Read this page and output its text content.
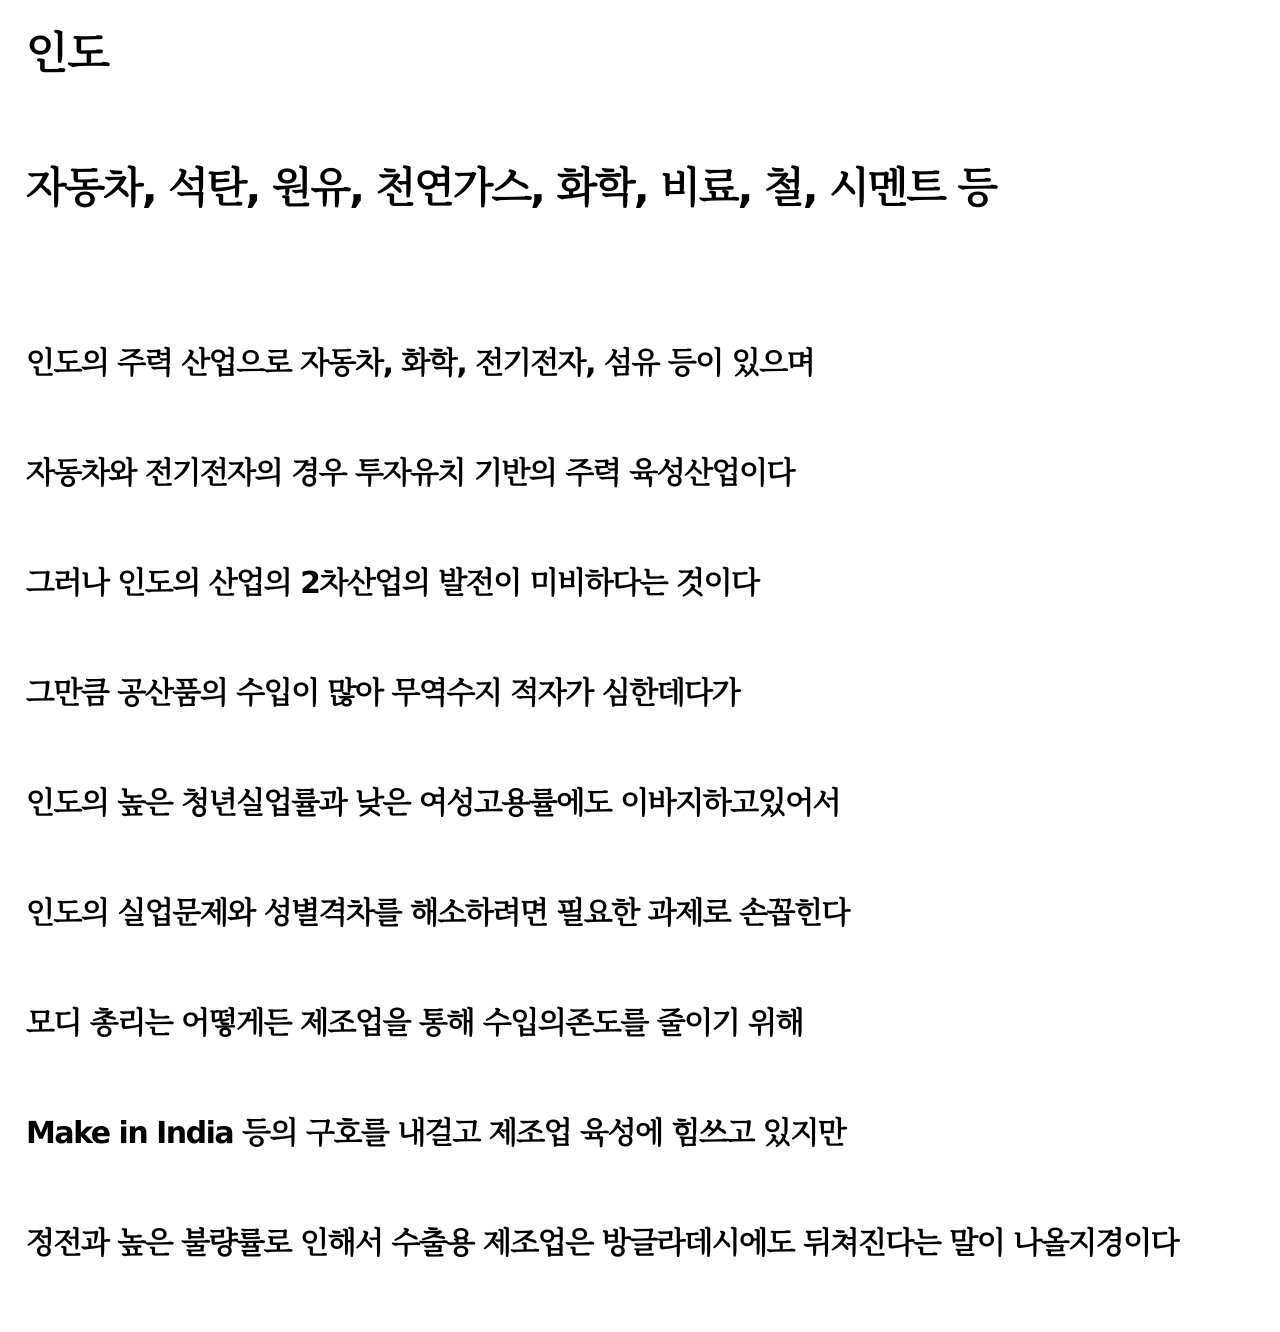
인도
자동차, 석탄, 원유, 천연가스, 화학, 비료, 철, 시멘트 등
인도의 주력 산업으로 자동차, 화학, 전기전자, 섬유 등이 있으며
자동차와 전기전자의 경우 투자유치 기반의 주력 육성산업이다
그러나 인도의 산업의 2차산업의 발전이 미비하다는 것이다
그만큼 공산품의 수입이 많아 무역수지 적자가 심한데다가
인도의 높은 청년실업률과 낮은 여성고용률에도 이바지하고있어서
인도의 실업문제와 성별격차를 해소하려면 필요한 과제로 손꼽힌다
모디 총리는 어떻게든 제조업을 통해 수입의존도를 줄이기 위해
Make in India 등의 구호를 내걸고 제조업 육성에 힘쓰고 있지만
정전과 높은 불량률로 인해서 수출용 제조업은 방글라데시에도 뒤쳐진다는 말이 나올지경이다
